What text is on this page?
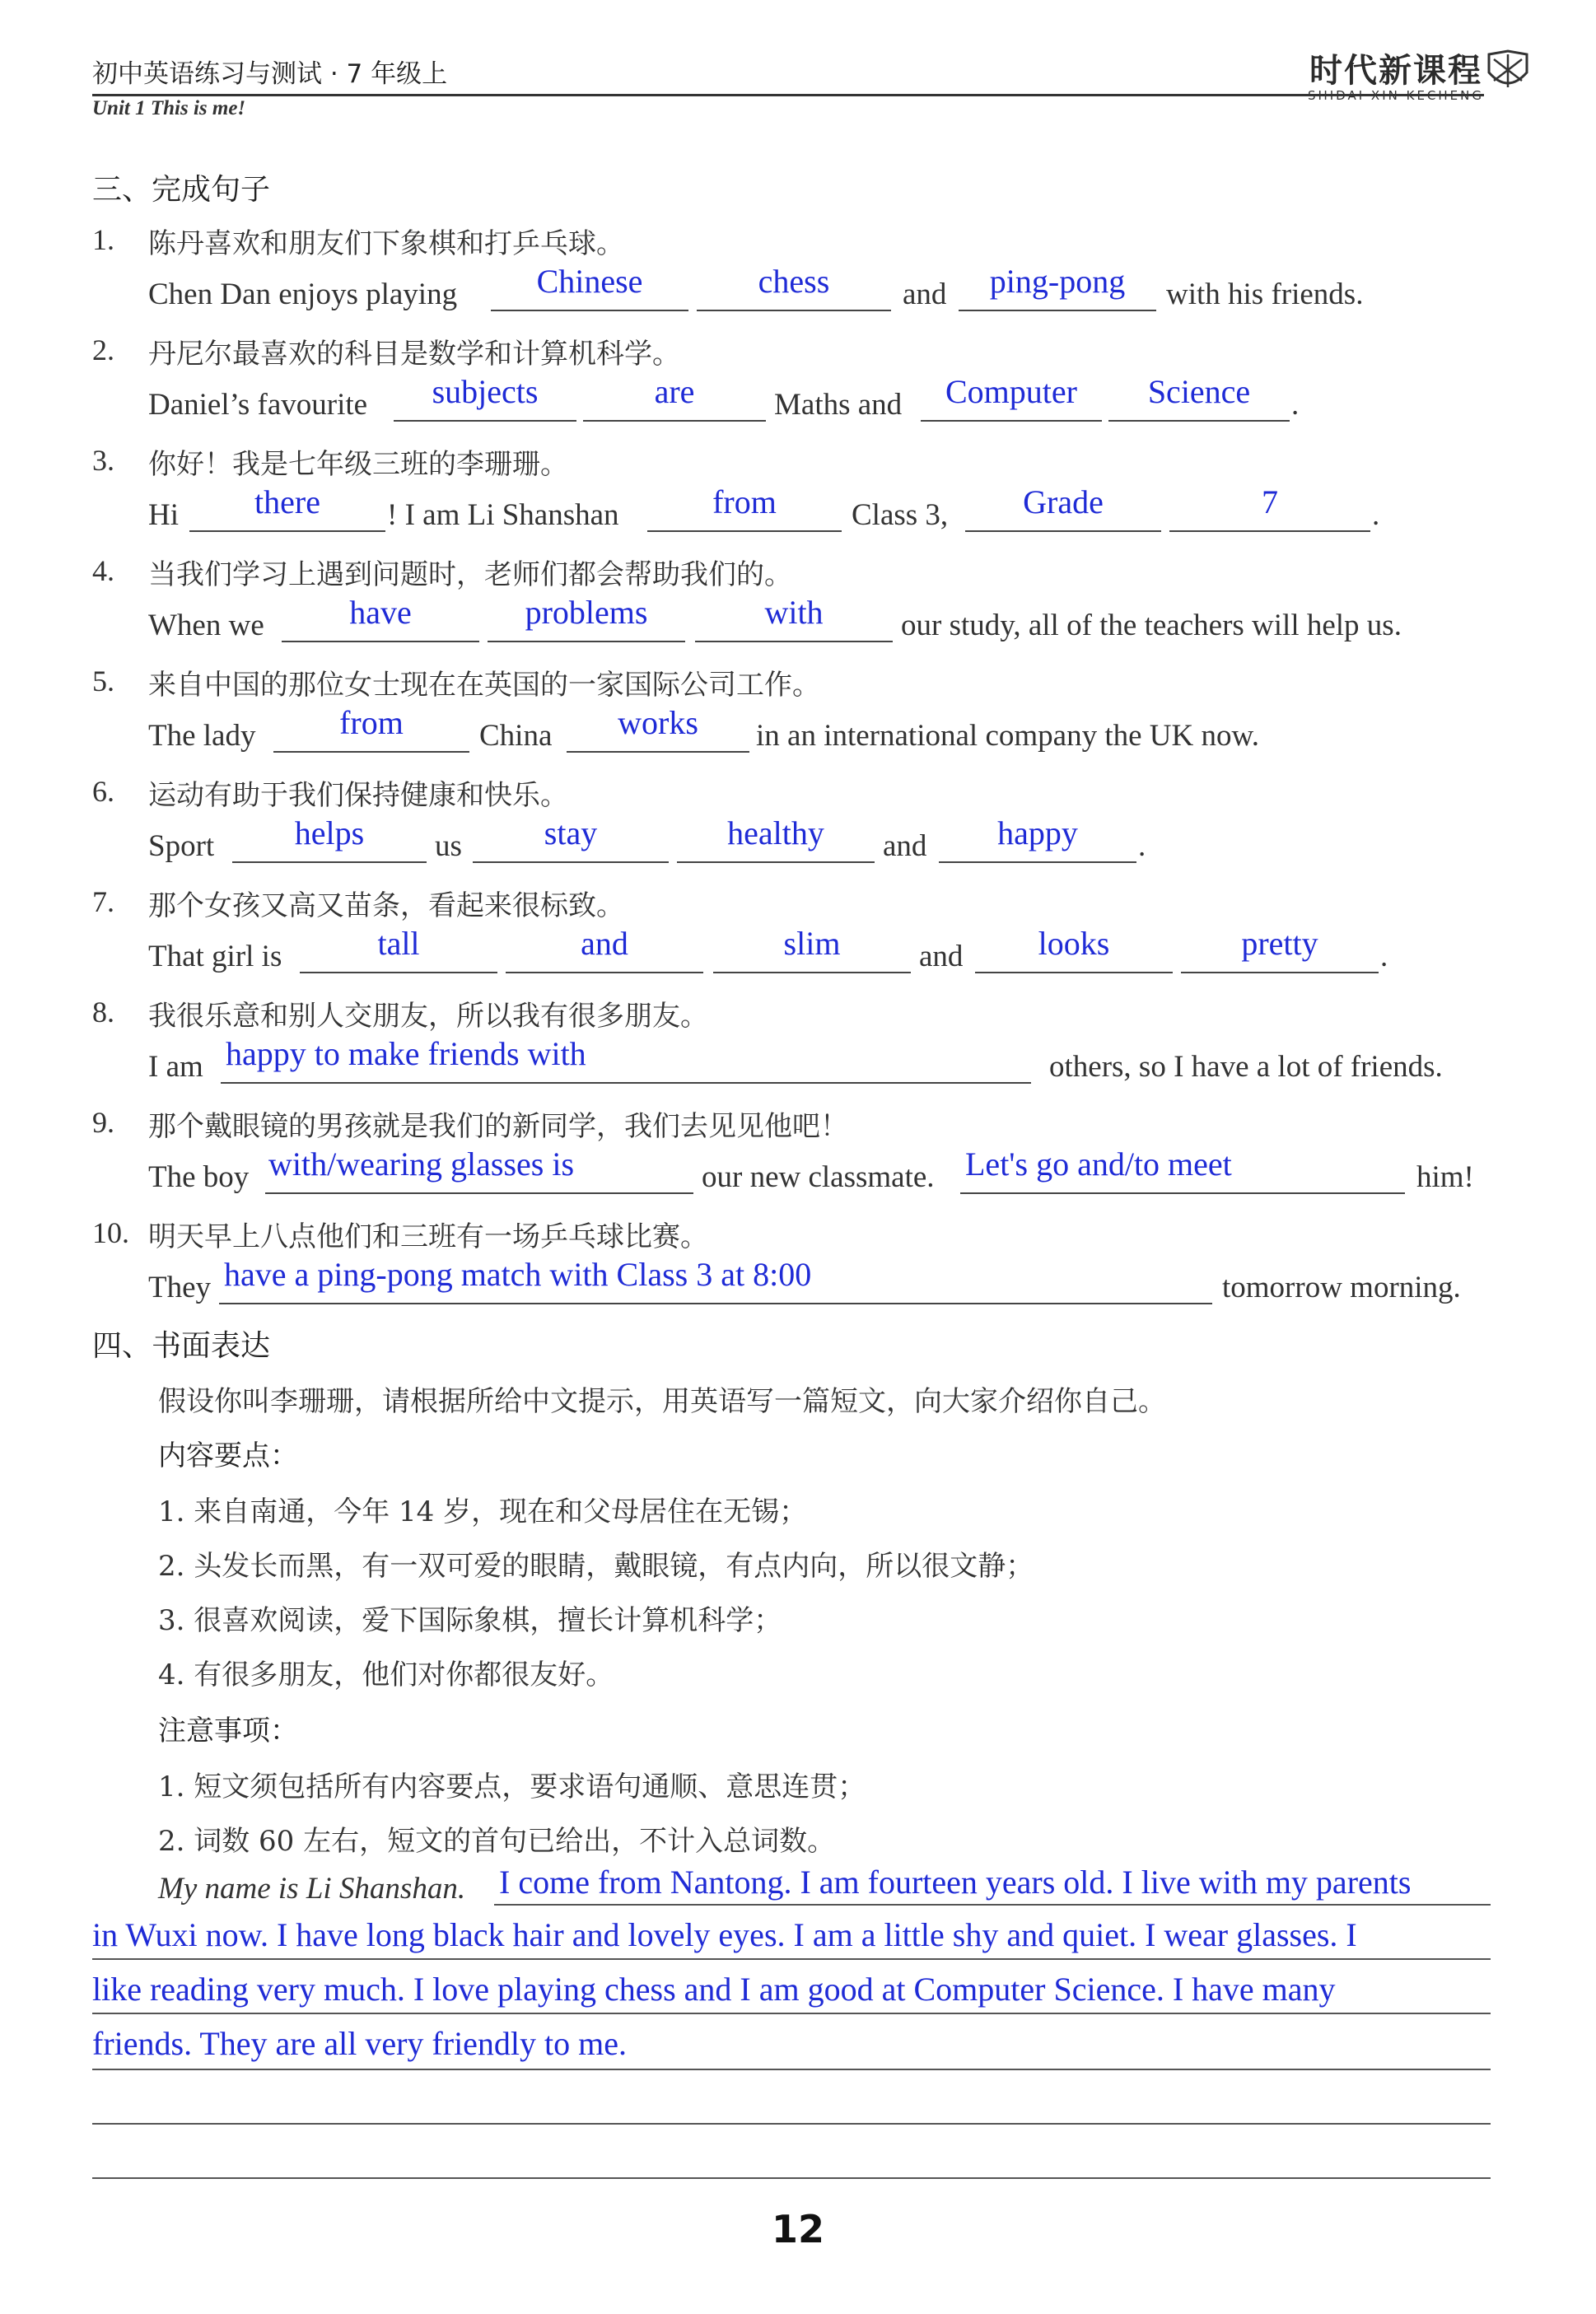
初中英语练习与测试 · 7 年级上
Unit 1 This is me!
时代新课程
SHIDAI XIN KECHENG
三、完成句子
1. 陈丹喜欢和朋友们下象棋和打乒乓球。
Chen Dan enjoys playing	Chinese	chess	and	ping-pong	with his friends.
2. 丹尼尔最喜欢的科目是数学和计算机科学。
Daniel’s favourite	subjects	are	Maths and	Computer	Science	.
3. 你好！我是七年级三班的李珊珊。
Hi	there	! I am Li Shanshan	from	Class 3,	Grade	7	.
4. 当我们学习上遇到问题时，老师们都会帮助我们的。
When we	have	problems	with	our study, all of the teachers will help us.
5. 来自中国的那位女士现在在英国的一家国际公司工作。
The lady	from	China	works	in an international company the UK now.
6. 运动有助于我们保持健康和快乐。
Sport	helps	us	stay	healthy	and	happy	.
7. 那个女孩又高又苗条，看起来很标致。
That girl is	tall	and	slim	and	looks	pretty	.
8. 我很乐意和别人交朋友，所以我有很多朋友。
I am happy to make friends with	others, so I have a lot of friends.
9. 那个戴眼镜的男孩就是我们的新同学，我们去见见他吧！
The boy with/wearing glasses is	our new classmate. Let's go and/to meet	him!
10. 明天早上八点他们和三班有一场乒乓球比赛。
They have a ping-pong match with Class 3 at 8:00	tomorrow morning.
四、书面表达
假设你叫李珊珊，请根据所给中文提示，用英语写一篇短文，向大家介绍你自己。
内容要点：
1. 来自南通，今年 14 岁，现在和父母居住在无锡；
2. 头发长而黑，有一双可爱的眼睛，戴眼镜，有点内向，所以很文静；
3. 很喜欢阅读，爱下国际象棋，擅长计算机科学；
4. 有很多朋友，他们对你都很友好。
注意事项：
1. 短文须包括所有内容要点，要求语句通顺、意思连贯；
2. 词数 60 左右，短文的首句已给出，不计入总词数。
My name is Li Shanshan. I come from Nantong. I am fourteen years old. I live with my parents
in Wuxi now. I have long black hair and lovely eyes. I am a little shy and quiet. I wear glasses. I
like reading very much. I love playing chess and I am good at Computer Science. I have many
friends. They are all very friendly to me.
12
